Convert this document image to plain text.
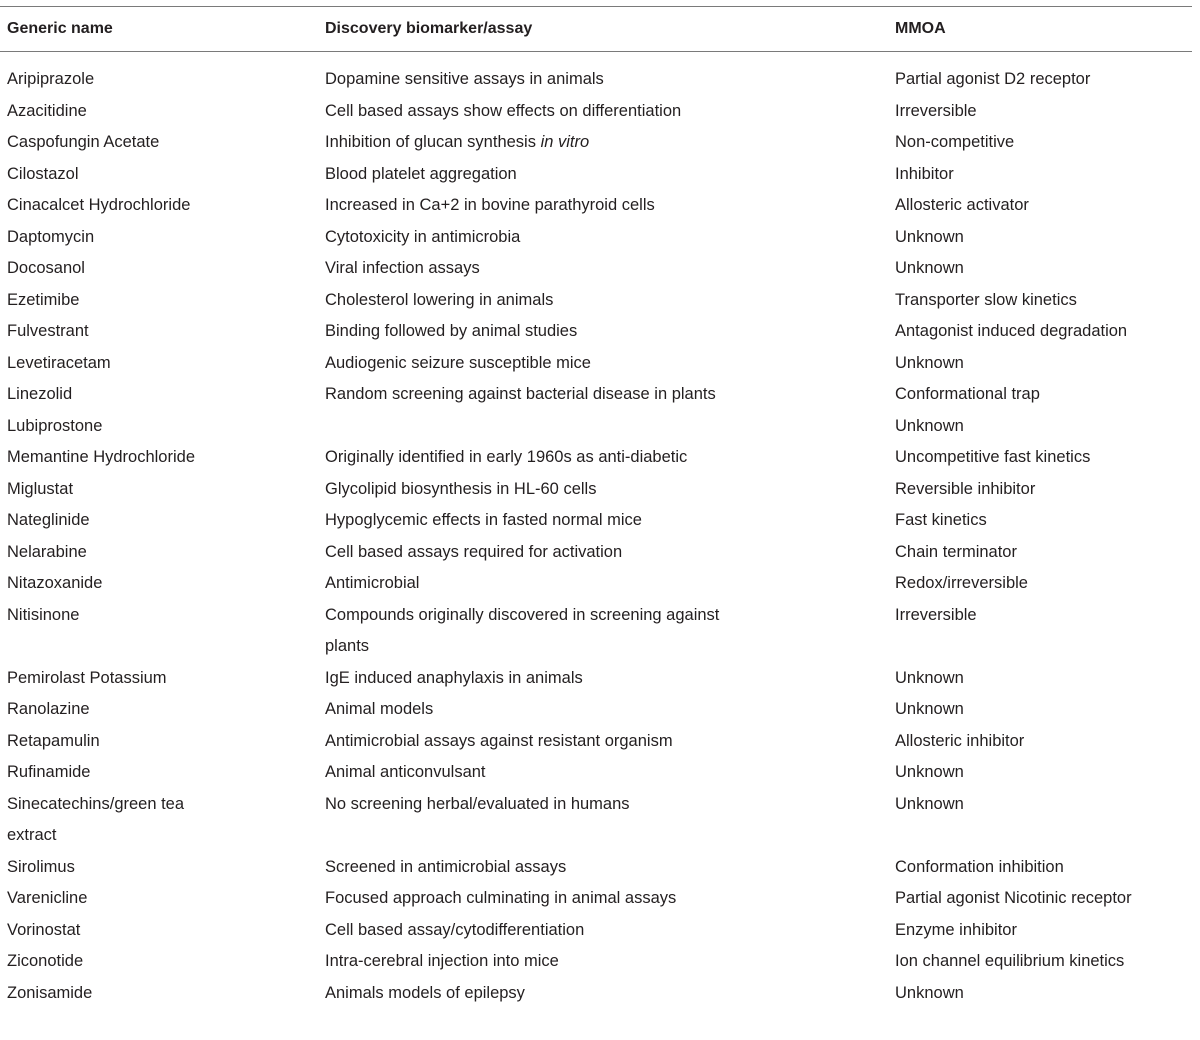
Generic name	Discovery biomarker/assay	MMOA

Aripiprazole	Dopamine sensitive assays in animals	Partial agonist D2 receptor

Azacitidine	Cell based assays show effects on differentiation	Irreversible

Caspofungin Acetate	Inhibition of glucan synthesis in vitro	Non-competitive

Cilostazol	Blood platelet aggregation	Inhibitor

Cinacalcet Hydrochloride	Increased in Ca+2 in bovine parathyroid cells	Allosteric activator

Daptomycin	Cytotoxicity in antimicrobia	Unknown

Docosanol	Viral infection assays	Unknown

Ezetimibe	Cholesterol lowering in animals	Transporter slow kinetics

Fulvestrant	Binding followed by animal studies	Antagonist induced degradation

Levetiracetam	Audiogenic seizure susceptible mice	Unknown

Linezolid	Random screening against bacterial disease in plants	Conformational trap

Lubiprostone		Unknown

Memantine Hydrochloride	Originally identified in early 1960s as anti-diabetic	Uncompetitive fast kinetics

Miglustat	Glycolipid biosynthesis in HL-60 cells	Reversible inhibitor

Nateglinide	Hypoglycemic effects in fasted normal mice	Fast kinetics

Nelarabine	Cell based assays required for activation	Chain terminator

Nitazoxanide	Antimicrobial	Redox/irreversible

Nitisinone	Compounds originally discovered in screening against plants	Irreversible

Pemirolast Potassium	IgE induced anaphylaxis in animals	Unknown

Ranolazine	Animal models	Unknown

Retapamulin	Antimicrobial assays against resistant organism	Allosteric inhibitor

Rufinamide	Animal anticonvulsant	Unknown

Sinecatechins/green tea extract	No screening herbal/evaluated in humans	Unknown

Sirolimus	Screened in antimicrobial assays	Conformation inhibition

Varenicline	Focused approach culminating in animal assays	Partial agonist Nicotinic receptor

Vorinostat	Cell based assay/cytodifferentiation	Enzyme inhibitor

Ziconotide	Intra-cerebral injection into mice	Ion channel equilibrium kinetics

Zonisamide	Animals models of epilepsy	Unknown
